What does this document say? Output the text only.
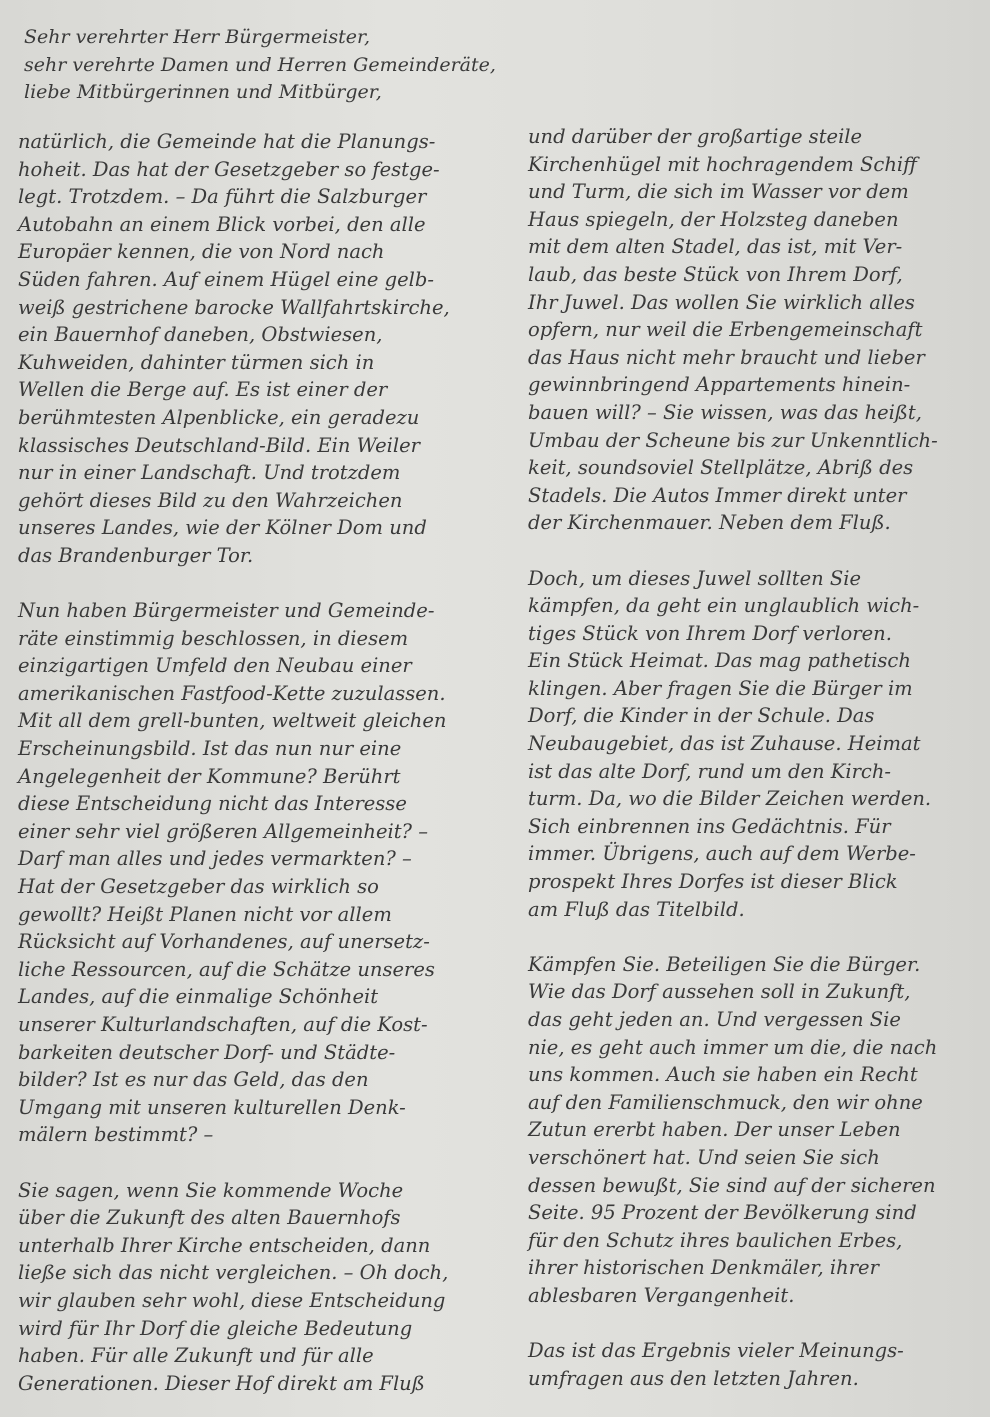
Sehr verehrter Herr Bürgermeister,
sehr verehrte Damen und Herren Gemeinderäte,
liebe Mitbürgerinnen und Mitbürger,
natürlich, die Gemeinde hat die Planungs-
hoheit. Das hat der Gesetzgeber so festge-
legt. Trotzdem. – Da führt die Salzburger
Autobahn an einem Blick vorbei, den alle
Europäer kennen, die von Nord nach
Süden fahren. Auf einem Hügel eine gelb-
weiß gestrichene barocke Wallfahrtskirche,
ein Bauernhof daneben, Obstwiesen,
Kuhweiden, dahinter türmen sich in
Wellen die Berge auf. Es ist einer der
berühmtesten Alpenblicke, ein geradezu
klassisches Deutschland-Bild. Ein Weiler
nur in einer Landschaft. Und trotzdem
gehört dieses Bild zu den Wahrzeichen
unseres Landes, wie der Kölner Dom und
das Brandenburger Tor.
Nun haben Bürgermeister und Gemeinde-
räte einstimmig beschlossen, in diesem
einzigartigen Umfeld den Neubau einer
amerikanischen Fastfood-Kette zuzulassen.
Mit all dem grell-bunten, weltweit gleichen
Erscheinungsbild. Ist das nun nur eine
Angelegenheit der Kommune? Berührt
diese Entscheidung nicht das Interesse
einer sehr viel größeren Allgemeinheit? –
Darf man alles und jedes vermarkten? –
Hat der Gesetzgeber das wirklich so
gewollt? Heißt Planen nicht vor allem
Rücksicht auf Vorhandenes, auf unersetz-
liche Ressourcen, auf die Schätze unseres
Landes, auf die einmalige Schönheit
unserer Kulturlandschaften, auf die Kost-
barkeiten deutscher Dorf- und Städte-
bilder? Ist es nur das Geld, das den
Umgang mit unseren kulturellen Denk-
mälern bestimmt? –
Sie sagen, wenn Sie kommende Woche
über die Zukunft des alten Bauernhofs
unterhalb Ihrer Kirche entscheiden, dann
ließe sich das nicht vergleichen. – Oh doch,
wir glauben sehr wohl, diese Entscheidung
wird für Ihr Dorf die gleiche Bedeutung
haben. Für alle Zukunft und für alle
Generationen. Dieser Hof direkt am Fluß
und darüber der großartige steile
Kirchenhügel mit hochragendem Schiff
und Turm, die sich im Wasser vor dem
Haus spiegeln, der Holzsteg daneben
mit dem alten Stadel, das ist, mit Ver-
laub, das beste Stück von Ihrem Dorf,
Ihr Juwel. Das wollen Sie wirklich alles
opfern, nur weil die Erbengemeinschaft
das Haus nicht mehr braucht und lieber
gewinnbringend Appartements hinein-
bauen will? – Sie wissen, was das heißt,
Umbau der Scheune bis zur Unkenntlich-
keit, soundsoviel Stellplätze, Abriß des
Stadels. Die Autos Immer direkt unter
der Kirchenmauer. Neben dem Fluß.
Doch, um dieses Juwel sollten Sie
kämpfen, da geht ein unglaublich wich-
tiges Stück von Ihrem Dorf verloren.
Ein Stück Heimat. Das mag pathetisch
klingen. Aber fragen Sie die Bürger im
Dorf, die Kinder in der Schule. Das
Neubaugebiet, das ist Zuhause. Heimat
ist das alte Dorf, rund um den Kirch-
turm. Da, wo die Bilder Zeichen werden.
Sich einbrennen ins Gedächtnis. Für
immer. Übrigens, auch auf dem Werbe-
prospekt Ihres Dorfes ist dieser Blick
am Fluß das Titelbild.
Kämpfen Sie. Beteiligen Sie die Bürger.
Wie das Dorf aussehen soll in Zukunft,
das geht jeden an. Und vergessen Sie
nie, es geht auch immer um die, die nach
uns kommen. Auch sie haben ein Recht
auf den Familienschmuck, den wir ohne
Zutun ererbt haben. Der unser Leben
verschönert hat. Und seien Sie sich
dessen bewußt, Sie sind auf der sicheren
Seite. 95 Prozent der Bevölkerung sind
für den Schutz ihres baulichen Erbes,
ihrer historischen Denkmäler, ihrer
ablesbaren Vergangenheit.
Das ist das Ergebnis vieler Meinungs-
umfragen aus den letzten Jahren.
